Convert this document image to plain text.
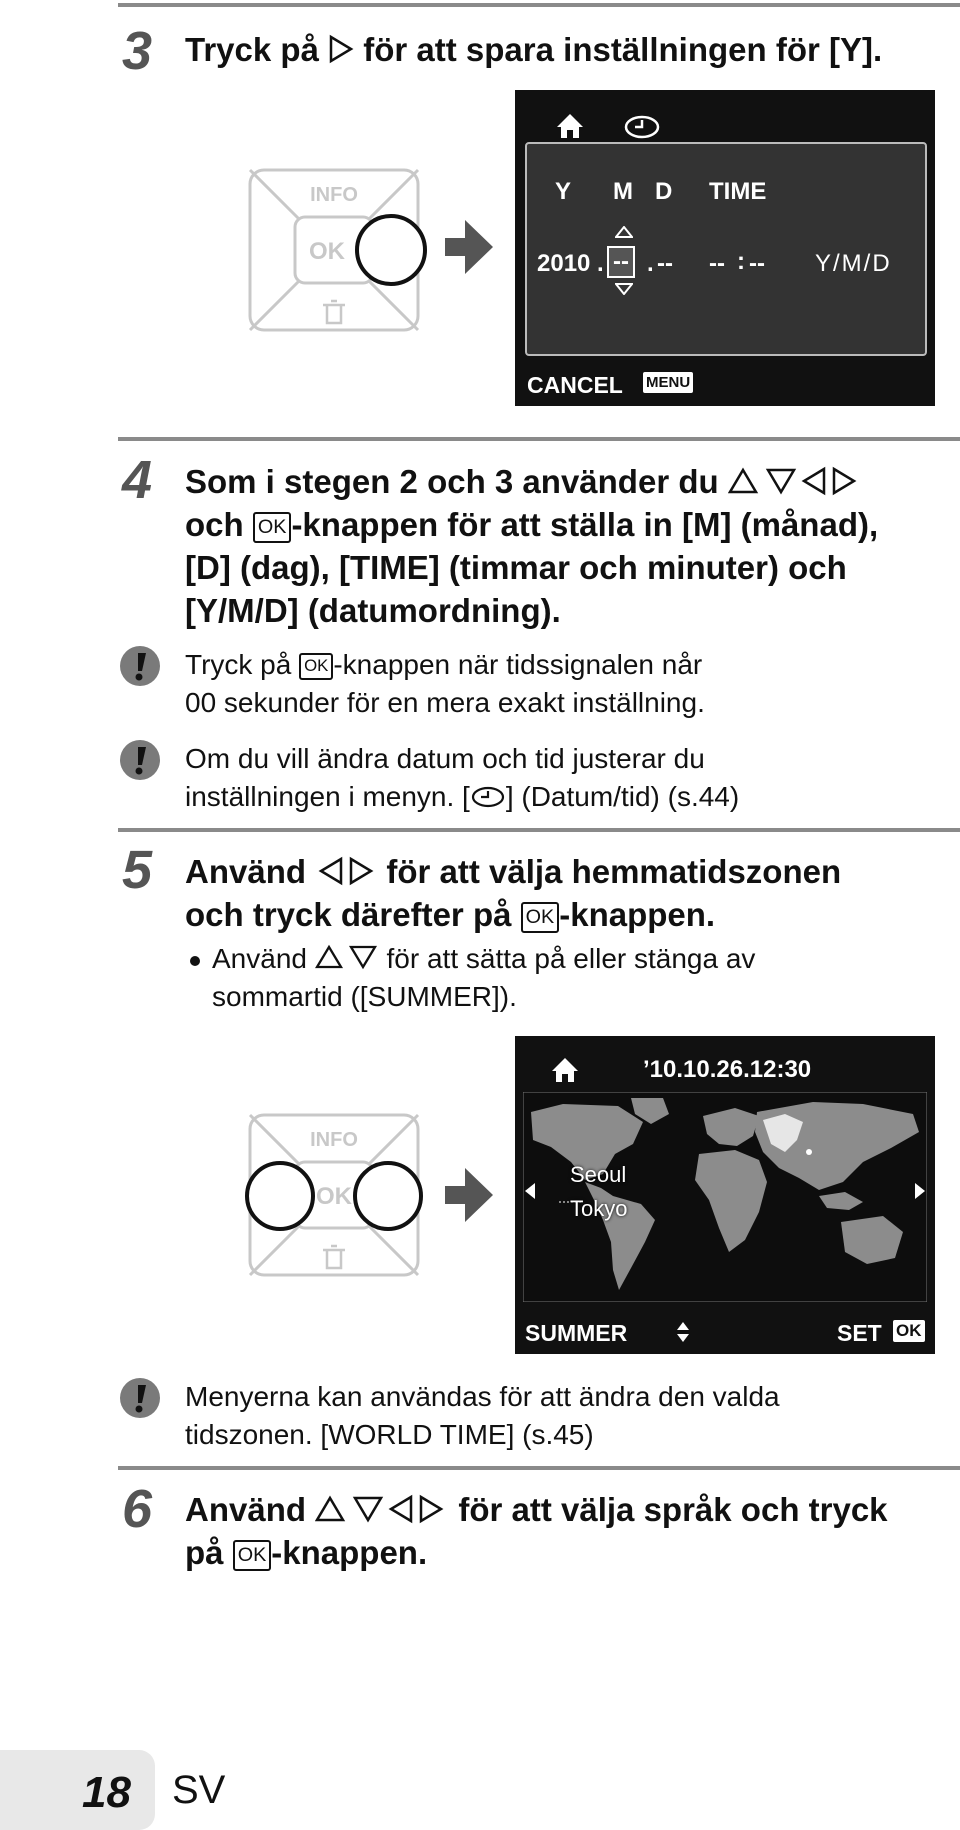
3 Tryck på för att spara inställningen för [Y].
INFO
OK
Y M D TIME
2010 . -- . -- -- : -- Y/M/D
CANCEL MENU
4 Som i stegen 2 och 3 använder du
och OK -knappen för att ställa in [M] (månad),
[D] (dag), [TIME] (timmar och minuter) och
[Y/M/D] (datumordning).
Tryck på OK -knappen när tidssignalen når
00 sekunder för en mera exakt inställning.
Om du vill ändra datum och tid justerar du
inställningen i menyn. [ ] (Datum/tid) (s.44)
5 Använd för att välja hemmatidszonen
och tryck därefter på OK -knappen.
Använd	för att sätta på eller stänga av
sommartid ([SUMMER]).
INFO
OK
’10.10.26.12:30
Seoul
Tokyo
SUMMER	SET OK
Menyerna kan användas för att ändra den valda
tidszonen. [WORLD TIME] (s.45)
6 Använd	för att välja språk och tryck
på OK -knappen.
18 SV
